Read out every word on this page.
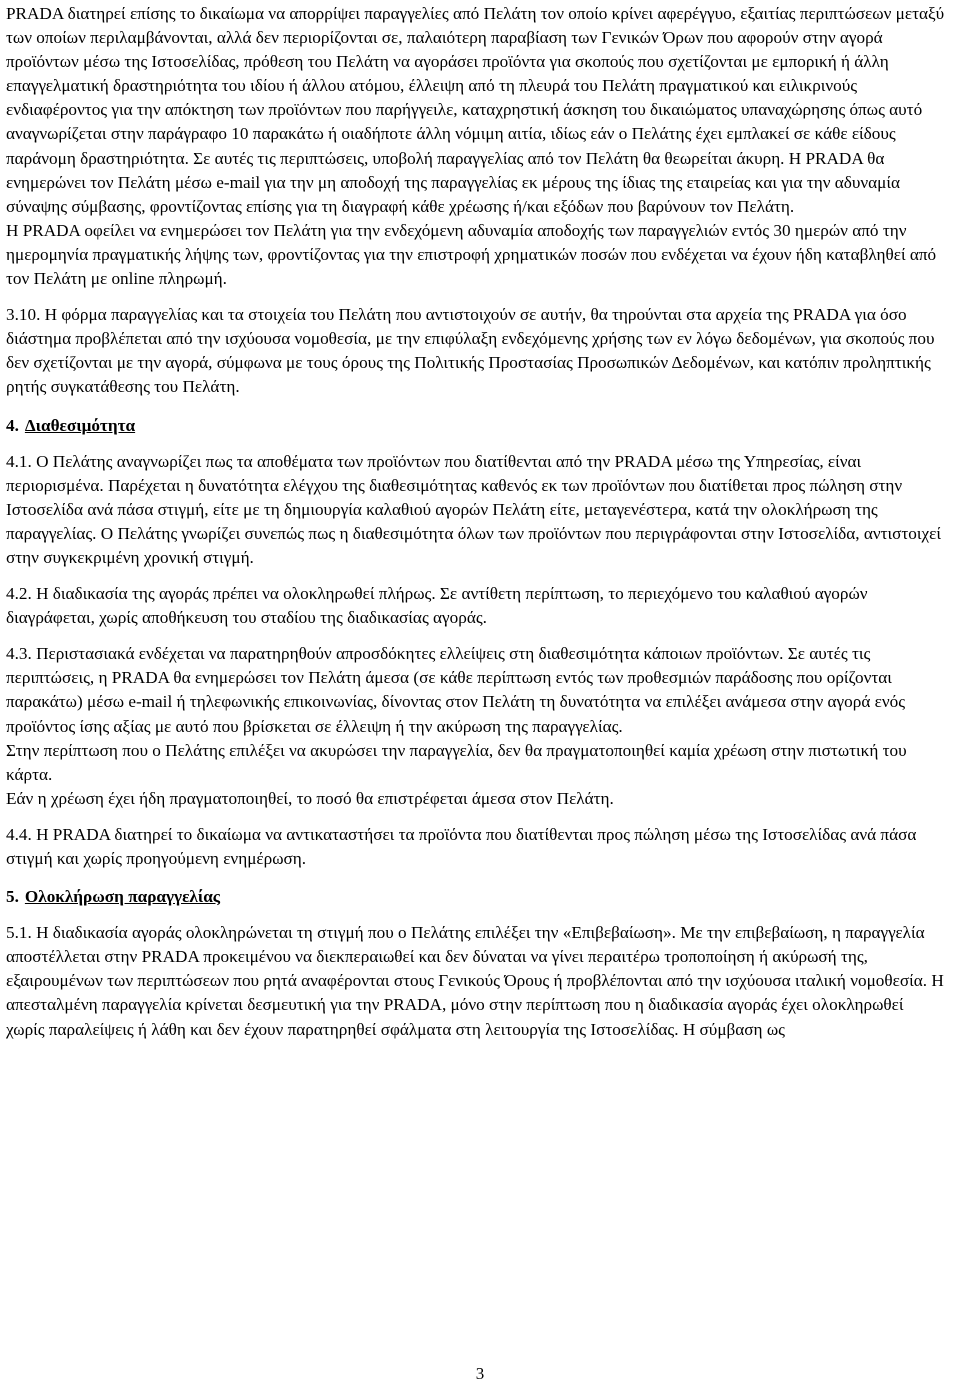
PRADA διατηρεί επίσης το δικαίωμα να απορρίψει παραγγελίες από Πελάτη τον οποίο κρίνει αφερέγγυο, εξαιτίας περιπτώσεων μεταξύ των οποίων περιλαμβάνονται, αλλά δεν περιορίζονται σε, παλαιότερη παραβίαση των Γενικών Όρων που αφορούν στην αγορά προϊόντων μέσω της Ιστοσελίδας, πρόθεση του Πελάτη να αγοράσει προϊόντα για σκοπούς που σχετίζονται με εμπορική ή άλλη επαγγελματική δραστηριότητα του ιδίου ή άλλου ατόμου, έλλειψη από τη πλευρά του Πελάτη πραγματικού και ειλικρινούς ενδιαφέροντος για την απόκτηση των προϊόντων που παρήγγειλε, καταχρηστική άσκηση του δικαιώματος υπαναχώρησης όπως αυτό αναγνωρίζεται στην παράγραφο 10 παρακάτω ή οιαδήποτε άλλη νόμιμη αιτία, ιδίως εάν ο Πελάτης έχει εμπλακεί σε κάθε είδους παράνομη δραστηριότητα. Σε αυτές τις περιπτώσεις, υποβολή παραγγελίας από τον Πελάτη θα θεωρείται άκυρη. Η PRADA θα ενημερώνει τον Πελάτη μέσω e-mail για την μη αποδοχή της παραγγελίας εκ μέρους της ίδιας της εταιρείας και για την αδυναμία σύναψης σύμβασης, φροντίζοντας επίσης για τη διαγραφή κάθε χρέωσης ή/και εξόδων που βαρύνουν τον Πελάτη.

Η PRADA οφείλει να ενημερώσει τον Πελάτη για την ενδεχόμενη αδυναμία αποδοχής των παραγγελιών εντός 30 ημερών από την ημερομηνία πραγματικής λήψης των, φροντίζοντας για την επιστροφή χρηματικών ποσών που ενδέχεται να έχουν ήδη καταβληθεί από τον Πελάτη με online πληρωμή.

3.10. Η φόρμα παραγγελίας και τα στοιχεία του Πελάτη που αντιστοιχούν σε αυτήν, θα τηρούνται στα αρχεία της PRADA για όσο διάστημα προβλέπεται από την ισχύουσα νομοθεσία, με την επιφύλαξη ενδεχόμενης χρήσης των εν λόγω δεδομένων, για σκοπούς που δεν σχετίζονται με την αγορά, σύμφωνα με τους όρους της Πολιτικής Προστασίας Προσωπικών Δεδομένων, και κατόπιν προληπτικής ρητής συγκατάθεσης του Πελάτη.

4. Διαθεσιμότητα

4.1. Ο Πελάτης αναγνωρίζει πως τα αποθέματα των προϊόντων που διατίθενται από την PRADA μέσω της Υπηρεσίας, είναι περιορισμένα. Παρέχεται η δυνατότητα ελέγχου της διαθεσιμότητας καθενός εκ των προϊόντων που διατίθεται προς πώληση στην Ιστοσελίδα ανά πάσα στιγμή, είτε με τη δημιουργία καλαθιού αγορών Πελάτη είτε, μεταγενέστερα, κατά την ολοκλήρωση της παραγγελίας. Ο Πελάτης γνωρίζει συνεπώς πως η διαθεσιμότητα όλων των προϊόντων που περιγράφονται στην Ιστοσελίδα, αντιστοιχεί στην συγκεκριμένη χρονική στιγμή.

4.2. Η διαδικασία της αγοράς πρέπει να ολοκληρωθεί πλήρως. Σε αντίθετη περίπτωση, το περιεχόμενο του καλαθιού αγορών διαγράφεται, χωρίς αποθήκευση του σταδίου της διαδικασίας αγοράς.

4.3. Περιστασιακά ενδέχεται να παρατηρηθούν απροσδόκητες ελλείψεις στη διαθεσιμότητα κάποιων προϊόντων. Σε αυτές τις περιπτώσεις, η PRADA θα ενημερώσει τον Πελάτη άμεσα (σε κάθε περίπτωση εντός των προθεσμιών παράδοσης που ορίζονται παρακάτω) μέσω e-mail ή τηλεφωνικής επικοινωνίας, δίνοντας στον Πελάτη τη δυνατότητα να επιλέξει ανάμεσα στην αγορά ενός προϊόντος ίσης αξίας με αυτό που βρίσκεται σε έλλειψη ή την ακύρωση της παραγγελίας.

Στην περίπτωση που ο Πελάτης επιλέξει να ακυρώσει την παραγγελία, δεν θα πραγματοποιηθεί καμία χρέωση στην πιστωτική του κάρτα.

Εάν η χρέωση έχει ήδη πραγματοποιηθεί, το ποσό θα επιστρέφεται άμεσα στον Πελάτη.

4.4. Η PRADA διατηρεί το δικαίωμα να αντικαταστήσει τα προϊόντα που διατίθενται προς πώληση μέσω της Ιστοσελίδας ανά πάσα στιγμή και χωρίς προηγούμενη ενημέρωση.

5. Ολοκλήρωση παραγγελίας

5.1. Η διαδικασία αγοράς ολοκληρώνεται τη στιγμή που ο Πελάτης επιλέξει την «Επιβεβαίωση». Με την επιβεβαίωση, η παραγγελία αποστέλλεται στην PRADA προκειμένου να διεκπεραιωθεί και δεν δύναται να γίνει περαιτέρω τροποποίηση ή ακύρωσή της, εξαιρουμένων των περιπτώσεων που ρητά αναφέρονται στους Γενικούς Όρους ή προβλέπονται από την ισχύουσα ιταλική νομοθεσία. Η απεσταλμένη παραγγελία κρίνεται δεσμευτική για την PRADA, μόνο στην περίπτωση που η διαδικασία αγοράς έχει ολοκληρωθεί χωρίς παραλείψεις ή λάθη και δεν έχουν παρατηρηθεί σφάλματα στη λειτουργία της Ιστοσελίδας. Η σύμβαση ως

3
